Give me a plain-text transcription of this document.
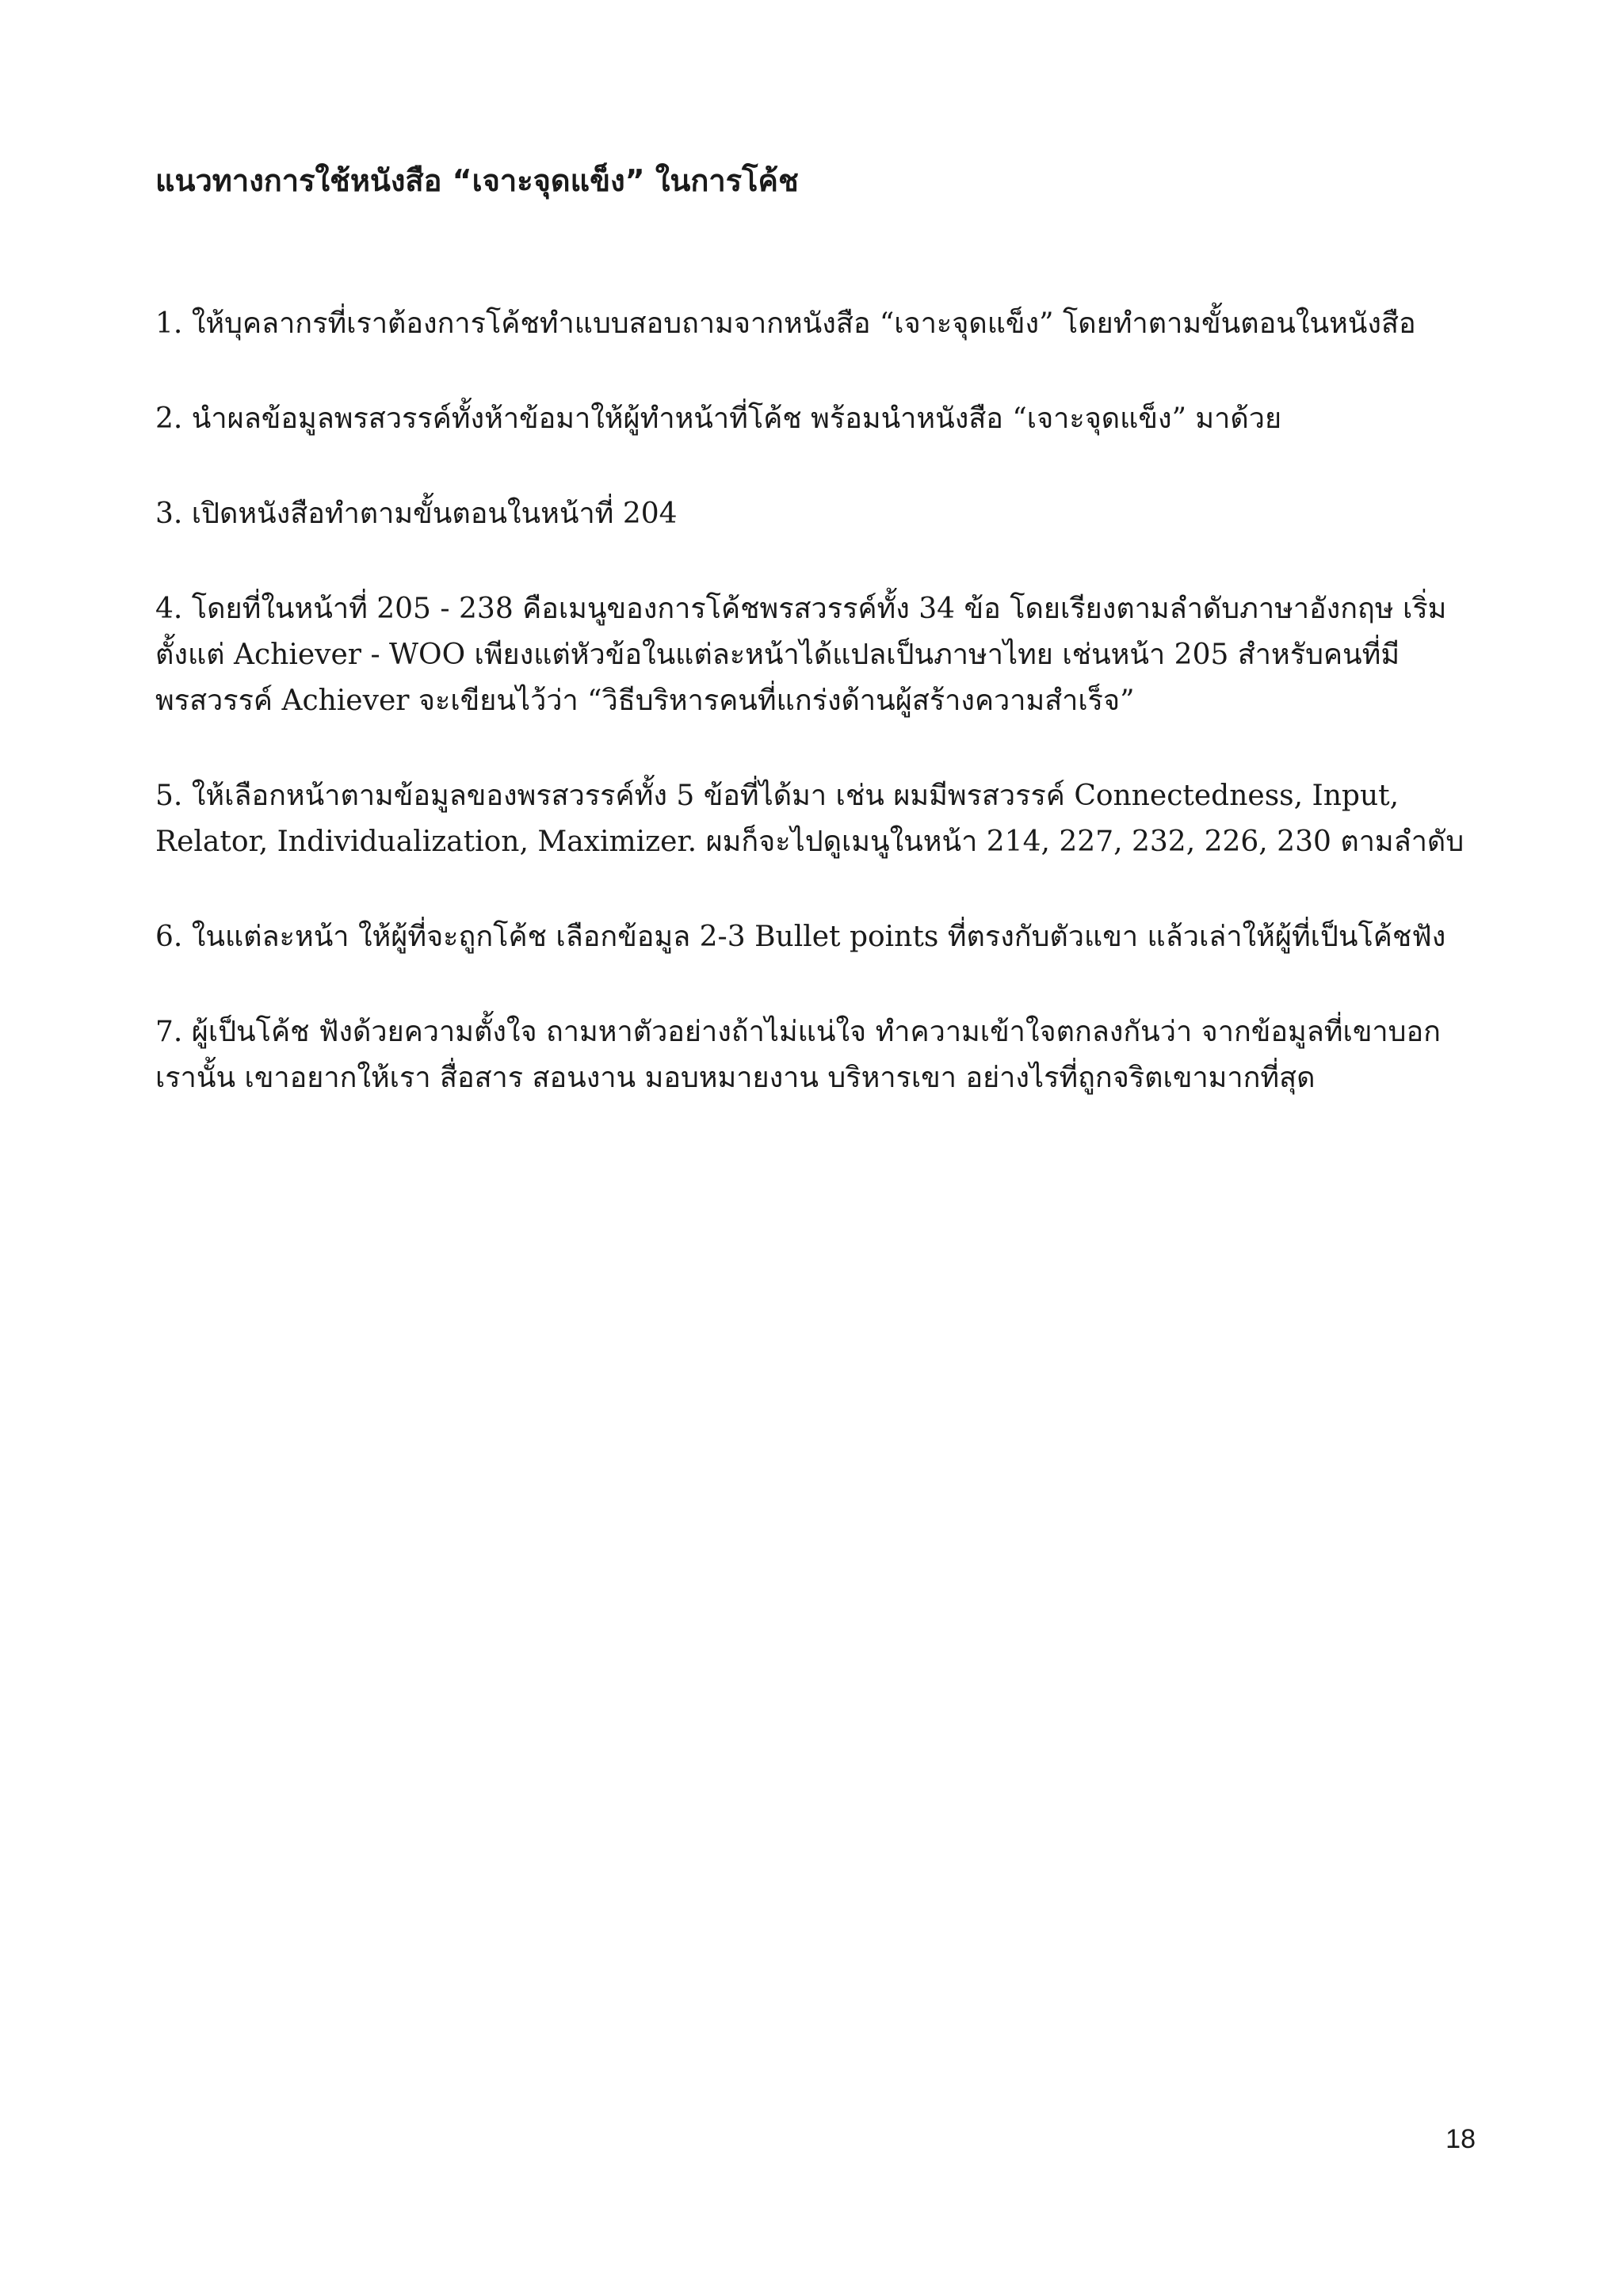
แนวทางการใช้หนังสือ “เจาะจุดแข็ง” ในการโค้ช
1. ให้บุคลากรที่เราต้องการโค้ชทำแบบสอบถามจากหนังสือ “เจาะจุดแข็ง” โดยทำตามขั้นตอนในหนังสือ
2. นำผลข้อมูลพรสวรรค์ทั้งห้าข้อมาให้ผู้ทำหน้าที่โค้ช พร้อมนำหนังสือ “เจาะจุดแข็ง” มาด้วย
3. เปิดหนังสือทำตามขั้นตอนในหน้าที่ 204
4. โดยที่ในหน้าที่ 205 - 238 คือเมนูของการโค้ชพรสวรรค์ทั้ง 34 ข้อ โดยเรียงตามลำดับภาษาอังกฤษ เริ่มตั้งแต่ Achiever - WOO เพียงแต่หัวข้อในแต่ละหน้าได้แปลเป็นภาษาไทย เช่นหน้า 205 สำหรับคนที่มีพรสวรรค์ Achiever จะเขียนไว้ว่า “วิธีบริหารคนที่แกร่งด้านผู้สร้างความสำเร็จ”
5. ให้เลือกหน้าตามข้อมูลของพรสวรรค์ทั้ง 5 ข้อที่ได้มา เช่น ผมมีพรสวรรค์ Connectedness, Input, Relator, Individualization, Maximizer. ผมก็จะไปดูเมนูในหน้า 214, 227, 232, 226, 230 ตามลำดับ
6. ในแต่ละหน้า ให้ผู้ที่จะถูกโค้ช เลือกข้อมูล 2-3 Bullet points ที่ตรงกับตัวแขา แล้วเล่าให้ผู้ที่เป็นโค้ชฟัง
7. ผู้เป็นโค้ช ฟังด้วยความตั้งใจ ถามหาตัวอย่างถ้าไม่แน่ใจ ทำความเข้าใจตกลงกันว่า จากข้อมูลที่เขาบอกเรานั้น เขาอยากให้เรา สื่อสาร สอนงาน มอบหมายงาน บริหารเขา อย่างไรที่ถูกจริตเขามากที่สุด
18
